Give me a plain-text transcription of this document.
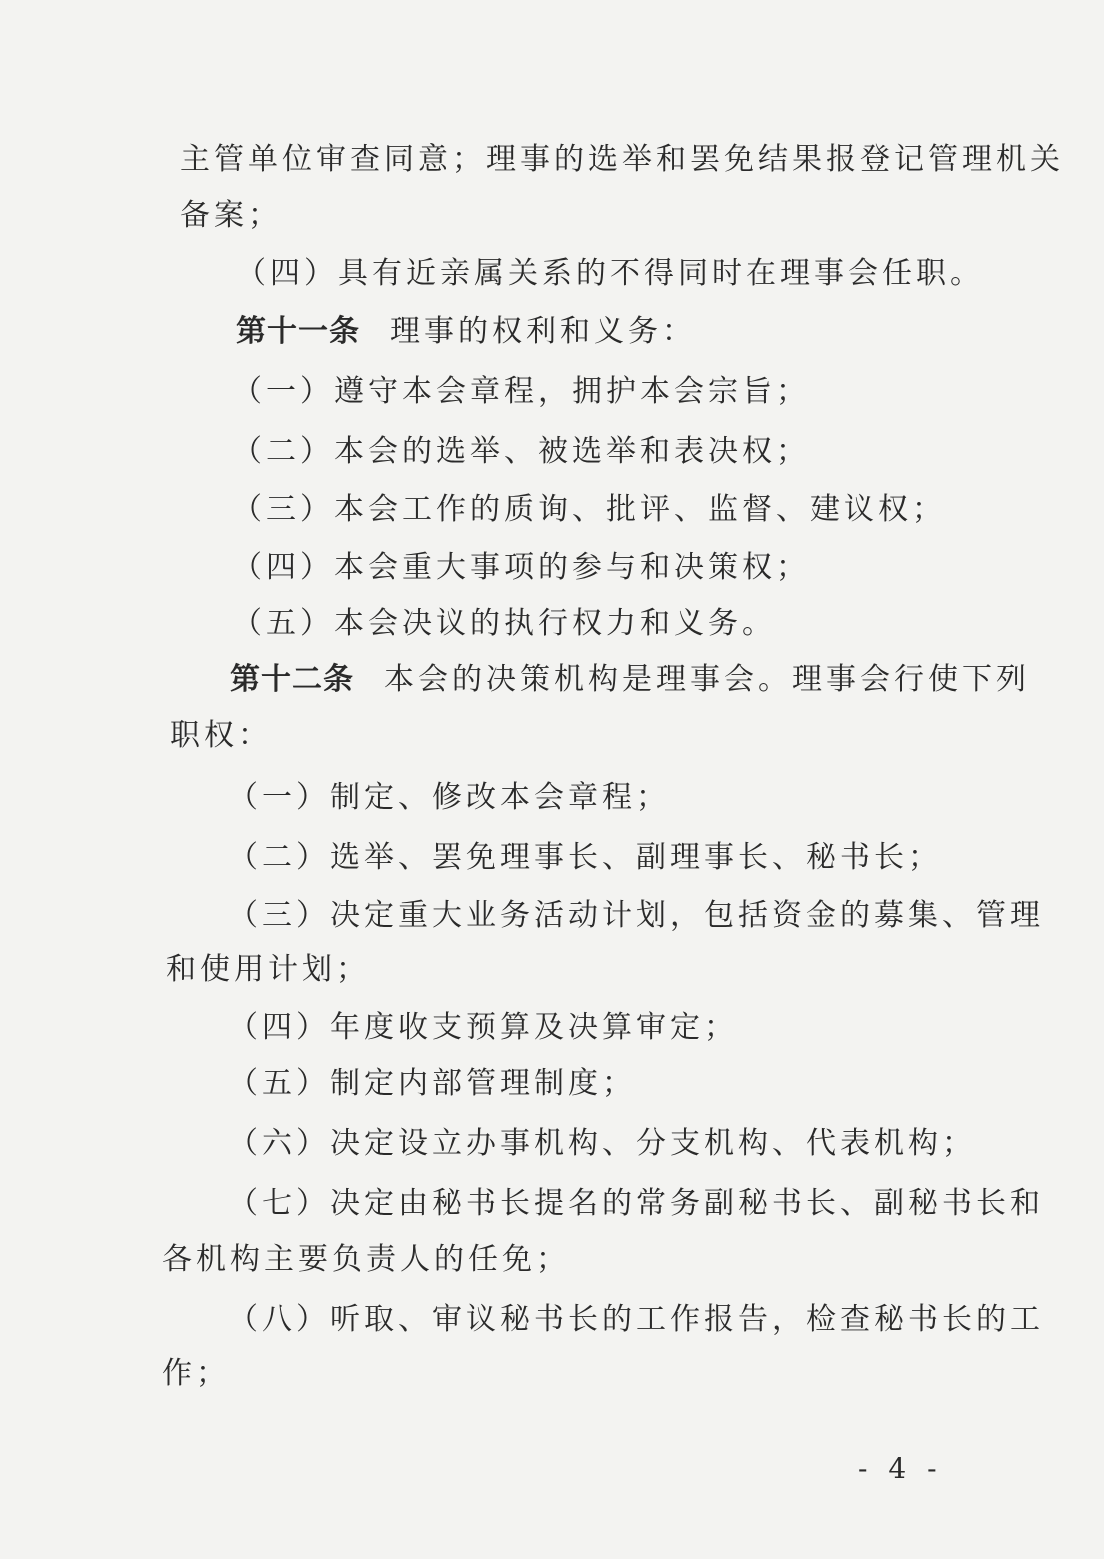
主管单位审查同意；理事的选举和罢免结果报登记管理机关
备案；
（四）具有近亲属关系的不得同时在理事会任职。
第十一条 理事的权利和义务：
（一）遵守本会章程，拥护本会宗旨；
（二）本会的选举、被选举和表决权；
（三）本会工作的质询、批评、监督、建议权；
（四）本会重大事项的参与和决策权；
（五）本会决议的执行权力和义务。
第十二条 本会的决策机构是理事会。理事会行使下列
职权：
（一）制定、修改本会章程；
（二）选举、罢免理事长、副理事长、秘书长；
（三）决定重大业务活动计划，包括资金的募集、管理
和使用计划；
（四）年度收支预算及决算审定；
（五）制定内部管理制度；
（六）决定设立办事机构、分支机构、代表机构；
（七）决定由秘书长提名的常务副秘书长、副秘书长和
各机构主要负责人的任免；
（八）听取、审议秘书长的工作报告，检查秘书长的工
作；
- 4 -
